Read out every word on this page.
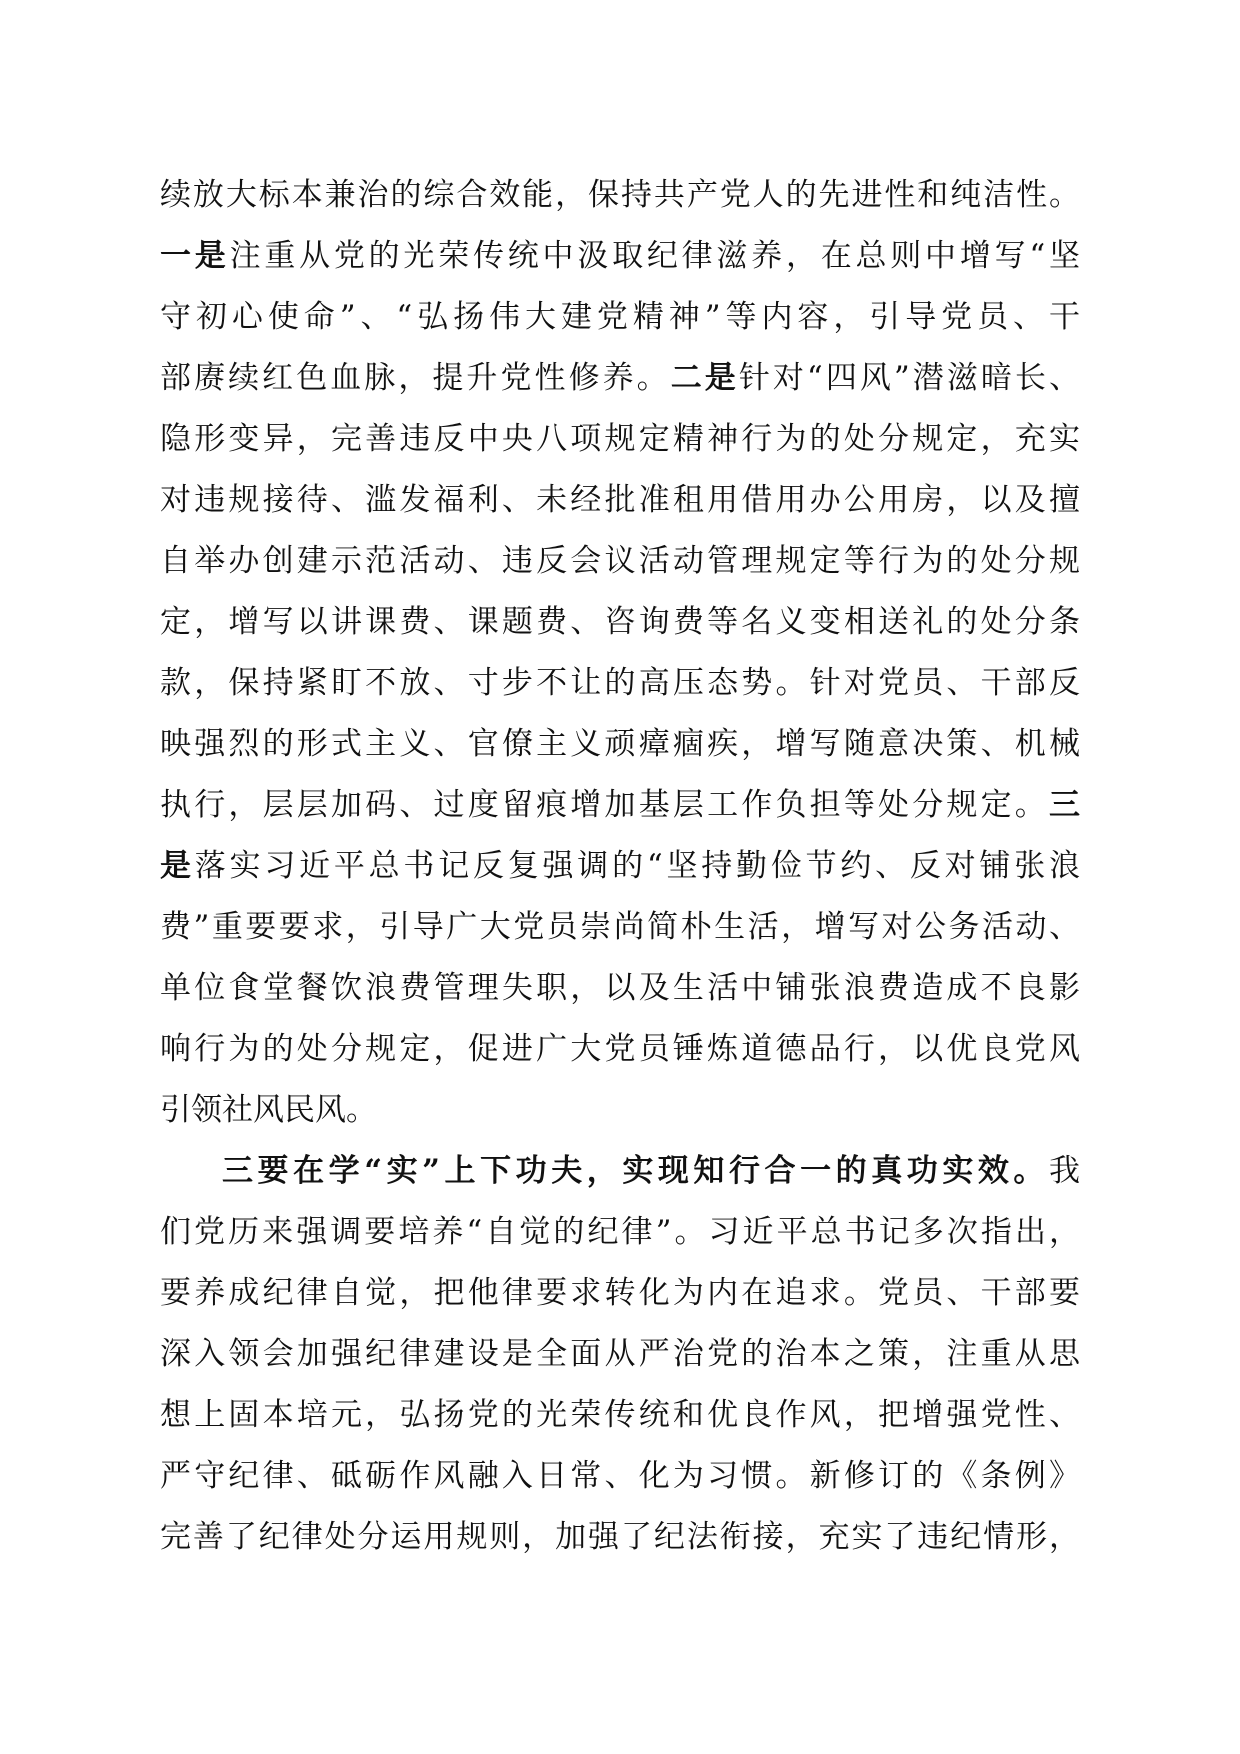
续放大标本兼治的综合效能，保持共产党人的先进性和纯洁性。
一是注重从党的光荣传统中汲取纪律滋养，在总则中增写“坚
守初心使命”、“弘扬伟大建党精神”等内容，引导党员、干
部赓续红色血脉，提升党性修养。二是针对“四风”潜滋暗长、
隐形变异，完善违反中央八项规定精神行为的处分规定，充实
对违规接待、滥发福利、未经批准租用借用办公用房，以及擅
自举办创建示范活动、违反会议活动管理规定等行为的处分规
定，增写以讲课费、课题费、咨询费等名义变相送礼的处分条
款，保持紧盯不放、寸步不让的高压态势。针对党员、干部反
映强烈的形式主义、官僚主义顽瘴痼疾，增写随意决策、机械
执行，层层加码、过度留痕增加基层工作负担等处分规定。三
是落实习近平总书记反复强调的“坚持勤俭节约、反对铺张浪
费”重要要求，引导广大党员崇尚简朴生活，增写对公务活动、
单位食堂餐饮浪费管理失职，以及生活中铺张浪费造成不良影
响行为的处分规定，促进广大党员锤炼道德品行，以优良党风
引领社风民风。
三要在学“实”上下功夫，实现知行合一的真功实效。我
们党历来强调要培养“自觉的纪律”。习近平总书记多次指出，
要养成纪律自觉，把他律要求转化为内在追求。党员、干部要
深入领会加强纪律建设是全面从严治党的治本之策，注重从思
想上固本培元，弘扬党的光荣传统和优良作风，把增强党性、
严守纪律、砥砺作风融入日常、化为习惯。新修订的《条例》
完善了纪律处分运用规则，加强了纪法衔接，充实了违纪情形，
